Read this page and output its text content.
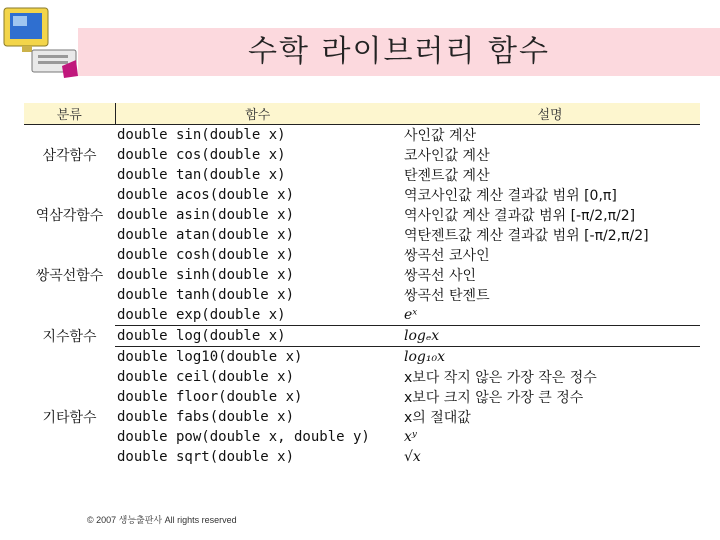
수학 라이브러리 함수
분류	함수	설명
	double sin(double x)	사인값 계산
삼각함수	double cos(double x)	코사인값 계산
	double tan(double x)	탄젠트값 계산
	double acos(double x)	역코사인값 계산 결과값 범위 [0,π]
역삼각함수	double asin(double x)	역사인값 계산 결과값 범위 [-π/2,π/2]
	double atan(double x)	역탄젠트값 계산 결과값 범위 [-π/2,π/2]
	double cosh(double x)	쌍곡선 코사인
쌍곡선함수	double sinh(double x)	쌍곡선 사인
	double tanh(double x)	쌍곡선 탄젠트
	double exp(double x)	eˣ
지수함수	double log(double x)	logₑx
	double log10(double x)	log₁₀x
	double ceil(double x)	x보다 작지 않은 가장 작은 정수
	double floor(double x)	x보다 크지 않은 가장 큰 정수
기타함수	double fabs(double x)	x의 절대값
	double pow(double x, double y)	xʸ
	double sqrt(double x)	√x
© 2007 생능출판사 All rights reserved
